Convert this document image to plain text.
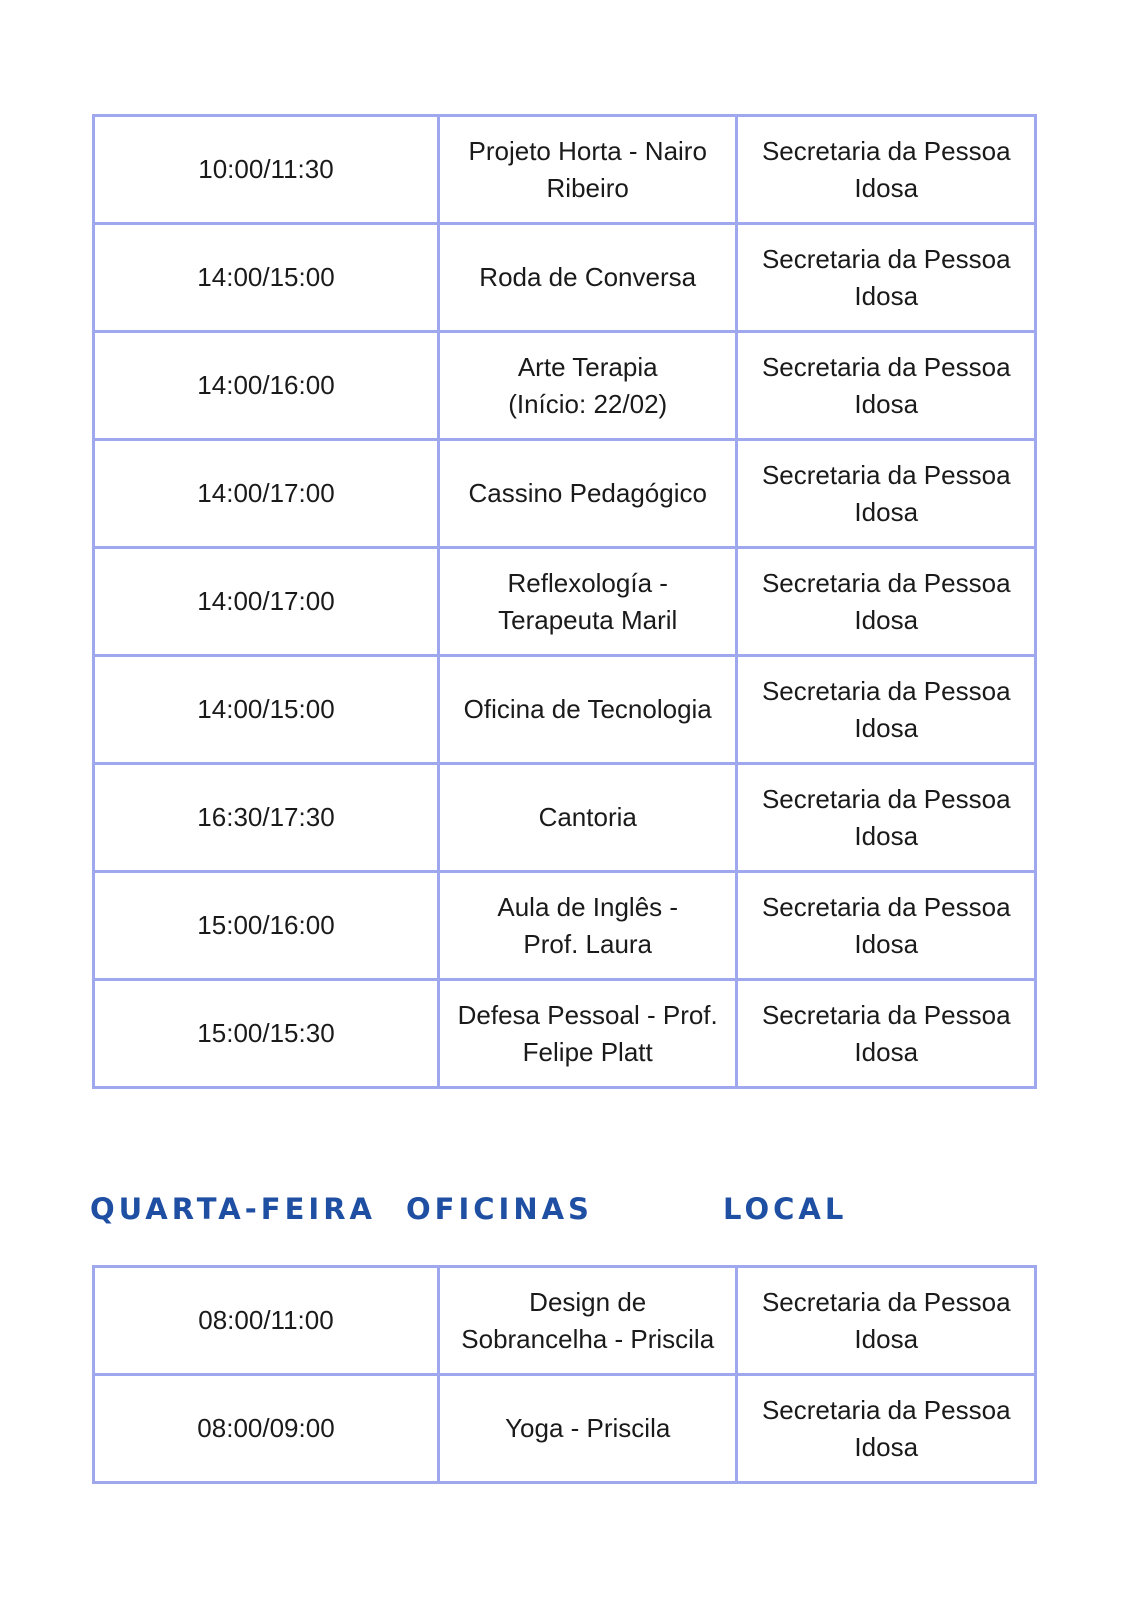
10:00/11:30	Projeto Horta - Nairo
Ribeiro	Secretaria da Pessoa
Idosa
14:00/15:00	Roda de Conversa	Secretaria da Pessoa
Idosa
14:00/16:00	Arte Terapia
(Início: 22/02)	Secretaria da Pessoa
Idosa
14:00/17:00	Cassino Pedagógico	Secretaria da Pessoa
Idosa
14:00/17:00	Reflexología -
Terapeuta Maril	Secretaria da Pessoa
Idosa
14:00/15:00	Oficina de Tecnologia	Secretaria da Pessoa
Idosa
16:30/17:30	Cantoria	Secretaria da Pessoa
Idosa
15:00/16:00	Aula de Inglês -
Prof. Laura	Secretaria da Pessoa
Idosa
15:00/15:30	Defesa Pessoal - Prof.
Felipe Platt	Secretaria da Pessoa
Idosa
QUARTA-FEIRA OFICINAS	LOCAL
08:00/11:00	Design de
Sobrancelha - Priscila	Secretaria da Pessoa
Idosa
08:00/09:00	Yoga - Priscila	Secretaria da Pessoa
Idosa
